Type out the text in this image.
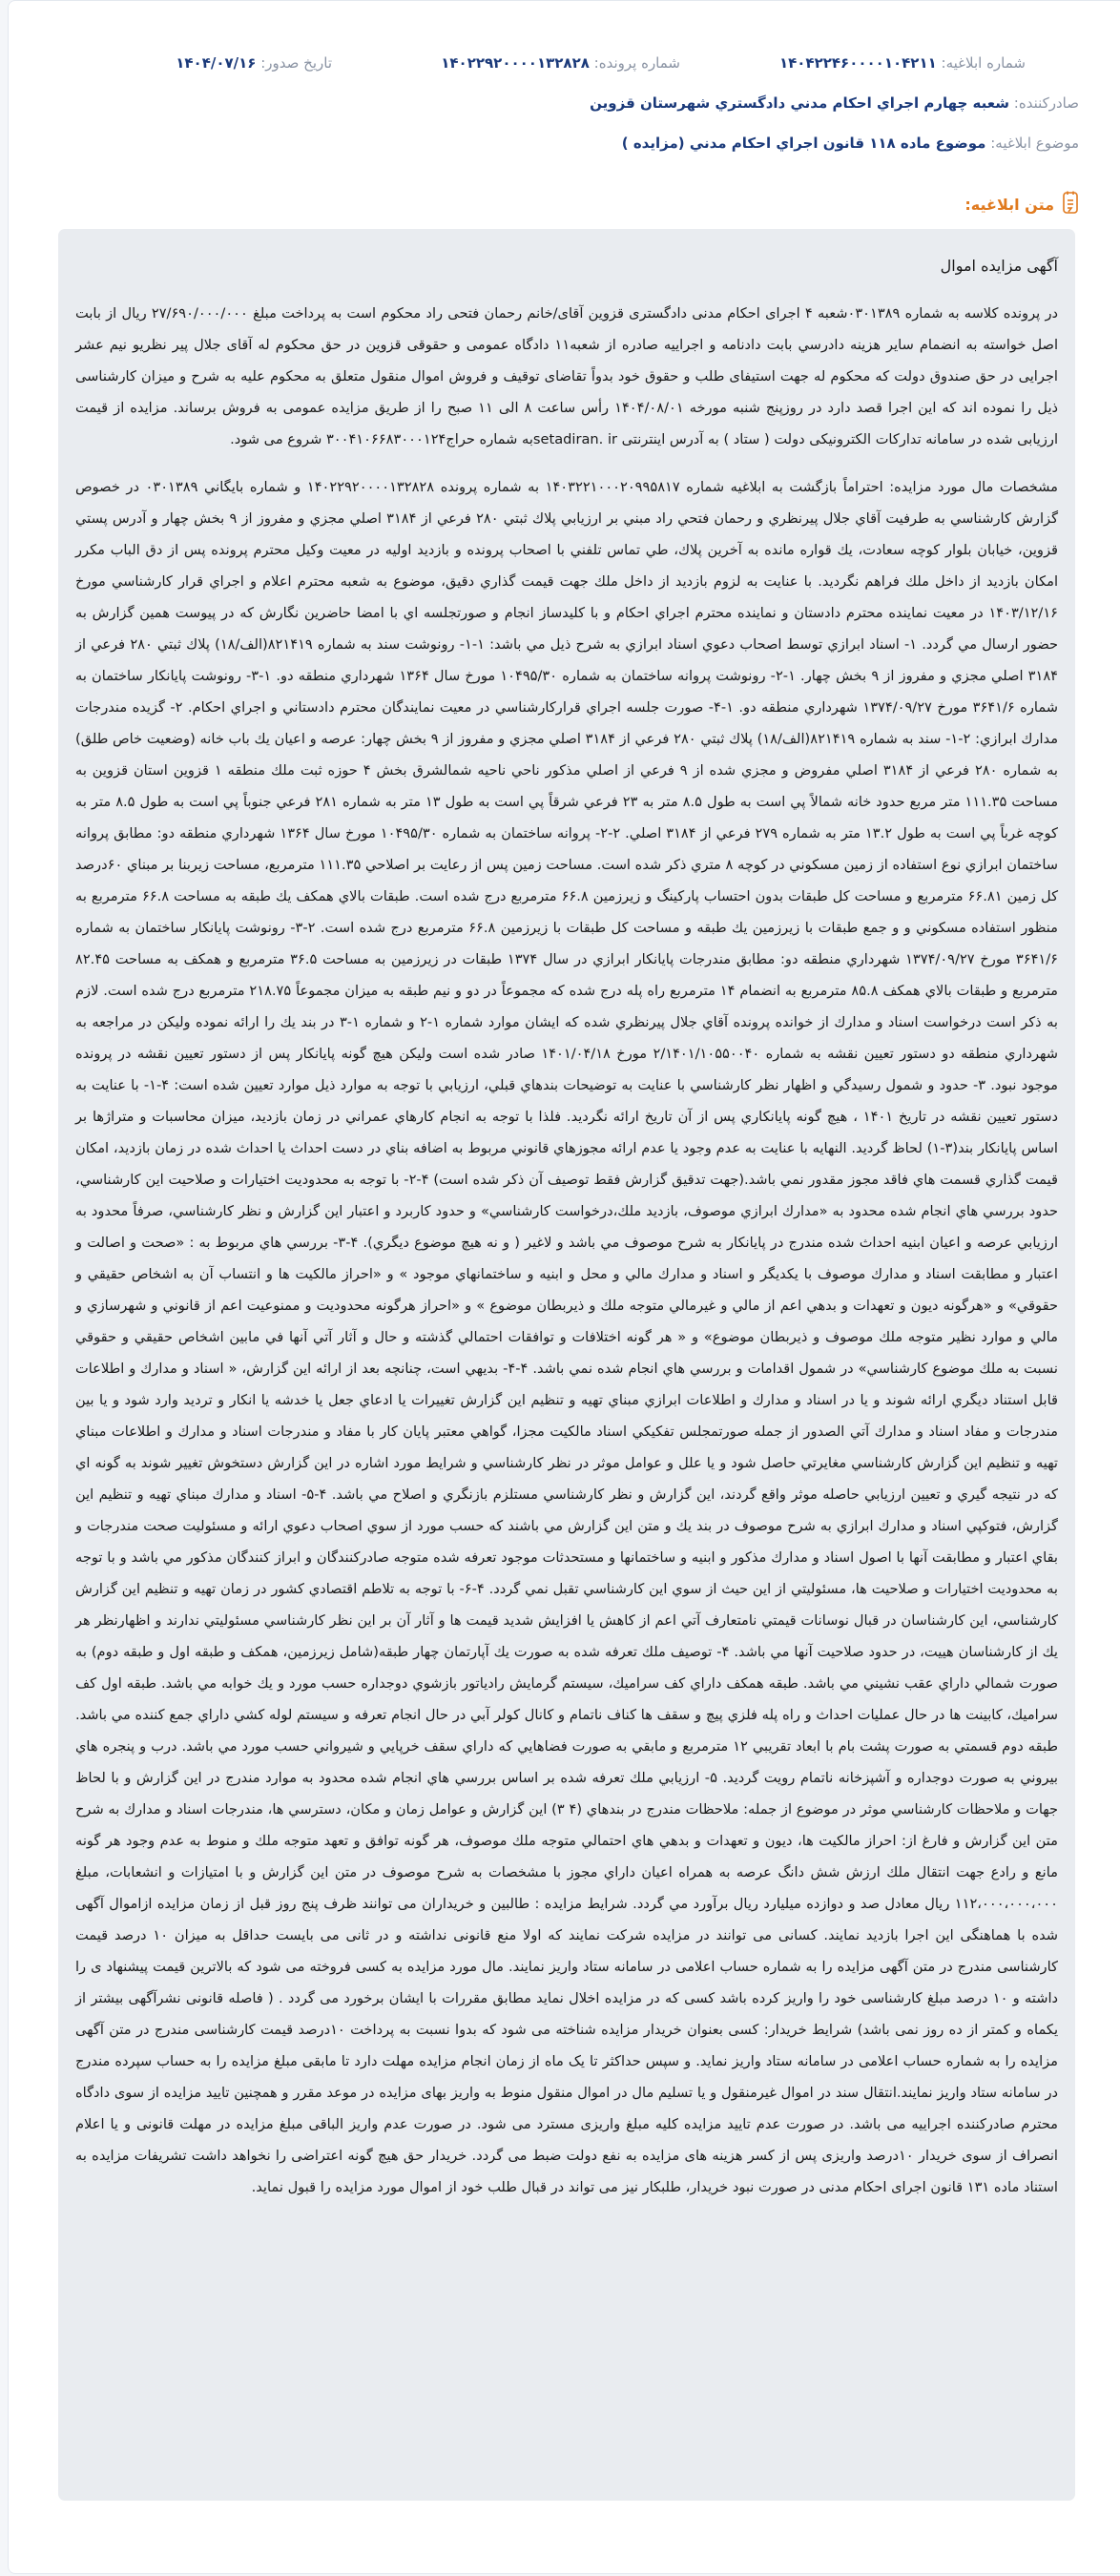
شماره ابلاغیه: ۱۴۰۴۲۲۴۶۰۰۰۰۱۰۴۲۱۱
شماره پرونده: ۱۴۰۲۲۹۲۰۰۰۰۱۳۲۸۲۸
تاریخ صدور: ۱۴۰۴/۰۷/۱۶
صادرکننده: شعبه چهارم اجراي احكام مدني دادگستري شهرستان قزوين
موضوع ابلاغیه: موضوع ماده ۱۱۸ قانون اجراي احكام مدني (مزايده )
متن ابلاغیه:

آگهی مزایده اموال

در پرونده کلاسه به شماره ۰۳۰۱۳۸۹شعبه ۴ اجرای احکام مدنی دادگستری قزوین آقای/خانم رحمان فتحی راد محکوم است به پرداخت مبلغ ۲۷/۶۹۰/۰۰۰/۰۰۰ ریال از بابت اصل خواسته به انضمام سایر هزینه دادرسي بابت دادنامه و اجراییه صادره از شعبه۱۱ دادگاه عمومی و حقوقی قزوین در حق محکوم له آقای جلال پیر نظریو نیم عشر اجرایی در حق صندوق دولت که محکوم له جهت استیفای طلب و حقوق خود بدواً تقاضای توقیف و فروش اموال منقول متعلق به محکوم علیه به شرح و میزان کارشناسی ذیل را نموده اند که این اجرا قصد دارد در روزپنج شنبه مورخه ۱۴۰۴/۰۸/۰۱ رأس ساعت ۸ الی ۱۱ صبح را از طریق مزایده عمومی به فروش برساند. مزایده از قیمت ارزیابی شده در سامانه تدارکات الکترونیکی دولت ( ستاد ) به آدرس اینترنتی setadiran. irبه شماره حراج۳۰۰۴۱۰۶۶۸۳۰۰۰۱۲۴ شروع می شود.

مشخصات مال مورد مزایده: احتراماً بازگشت به ابلاغيه شماره ۱۴۰۳۲۲۱۰۰۰۲۰۹۹۵۸۱۷ به شماره پرونده ۱۴۰۲۲۹۲۰۰۰۰۱۳۲۸۲۸ و شماره بايگاني ۰۳۰۱۳۸۹ در خصوص گزارش كارشناسي به طرفيت آقاي جلال پيرنظري و رحمان فتحي راد مبني بر ارزيابي پلاك ثبتي ۲۸۰ فرعي از ۳۱۸۴ اصلي مجزي و مفروز از ۹ بخش چهار و آدرس پستي قزوين، خيابان بلوار كوچه سعادت، يك قواره مانده به آخرين پلاك، طي تماس تلفني با اصحاب پرونده و بازديد اوليه در معيت وكيل محترم پرونده پس از دق الباب مكرر امكان بازديد از داخل ملك فراهم نگرديد. با عنايت به لزوم بازديد از داخل ملك جهت قيمت گذاري دقيق، موضوع به شعبه محترم اعلام و اجراي قرار كارشناسي مورخ ۱۴۰۳/۱۲/۱۶ در معيت نماينده محترم دادستان و نماينده محترم اجراي احكام و با كليدساز انجام و صورتجلسه اي با امضا حاضرين نگارش كه در پيوست همين گزارش به حضور ارسال مي گردد. ۱- اسناد ابرازي توسط اصحاب دعوي اسناد ابرازي به شرح ذيل مي باشد: ۱-۱- رونوشت سند به شماره ۸۲۱۴۱۹(الف/۱۸) پلاك ثبتي ۲۸۰ فرعي از ۳۱۸۴ اصلي مجزي و مفروز از ۹ بخش چهار. ۱-۲- رونوشت پروانه ساختمان به شماره ۱۰۴۹۵/۳۰ مورخ سال ۱۳۶۴ شهرداري منطقه دو. ۱-۳- رونوشت پايانكار ساختمان به شماره ۳۶۴۱/۶ مورخ ۱۳۷۴/۰۹/۲۷ شهرداري منطقه دو. ۱-۴- صورت جلسه اجراي قراركارشناسي در معيت نمايندگان محترم دادستاني و اجراي احكام. ۲- گزيده مندرجات مدارك ابرازي: ۲-۱- سند به شماره ۸۲۱۴۱۹(الف/۱۸) پلاك ثبتي ۲۸۰ فرعي از ۳۱۸۴ اصلي مجزي و مفروز از ۹ بخش چهار: عرصه و اعيان يك باب خانه (وضعيت خاص طلق) به شماره ۲۸۰ فرعي از ۳۱۸۴ اصلي مفروض و مجزي شده از ۹ فرعي از اصلي مذكور ناحي ناحيه شمالشرق بخش ۴ حوزه ثبت ملك منطقه ۱ قزوين استان قزوين به مساحت ۱۱۱.۳۵ متر مربع حدود خانه شمالاً پي است به طول ۸.۵ متر به ۲۳ فرعي شرقاً پي است به طول ۱۳ متر به شماره ۲۸۱ فرعي جنوباً پي است به طول ۸.۵ متر به كوچه غرباً پي است به طول ۱۳.۲ متر به شماره ۲۷۹ فرعي از ۳۱۸۴ اصلي. ۲-۲- پروانه ساختمان به شماره ۱۰۴۹۵/۳۰ مورخ سال ۱۳۶۴ شهرداري منطقه دو: مطابق پروانه ساختمان ابرازي نوع استفاده از زمين مسكوني در كوچه ۸ متري ذكر شده است. مساحت زمين پس از رعايت بر اصلاحي ۱۱۱.۳۵ مترمربع، مساحت زيربنا بر مبناي ۶۰درصد كل زمين ۶۶.۸۱ مترمربع و مساحت كل طبقات بدون احتساب پاركينگ و زيرزمين ۶۶.۸ مترمربع درج شده است. طبقات بالاي همكف يك طبقه به مساحت ۶۶.۸ مترمربع به منظور استفاده مسكوني و و جمع طبقات با زيرزمين يك طبقه و مساحت كل طبقات با زيرزمين ۶۶.۸ مترمربع درج شده است. ۲-۳- رونوشت پايانكار ساختمان به شماره ۳۶۴۱/۶ مورخ ۱۳۷۴/۰۹/۲۷ شهرداري منطقه دو: مطابق مندرجات پايانكار ابرازي در سال ۱۳۷۴ طبقات در زيرزمين به مساحت ۳۶.۵ مترمربع و همكف به مساحت ۸۲.۴۵ مترمربع و طبقات بالاي همكف ۸۵.۸ مترمربع به انضمام ۱۴ مترمربع راه پله درج شده كه مجموعاً در دو و نيم طبقه به ميزان مجموعاً ۲۱۸.۷۵ مترمربع درج شده است. لازم به ذكر است درخواست اسناد و مدارك از خوانده پرونده آقاي جلال پيرنظري شده كه ايشان موارد شماره ۱-۲ و شماره ۱-۳ در بند يك را ارائه نموده وليكن در مراجعه به شهرداري منطقه دو دستور تعيين نقشه به شماره ۲/۱۴۰۱/۱۰۵۵۰۰۴۰ مورخ ۱۴۰۱/۰۴/۱۸ صادر شده است وليكن هيچ گونه پايانكار پس از دستور تعيين نقشه در پرونده موجود نبود. ۳- حدود و شمول رسيدگي و اظهار نظر كارشناسي با عنايت به توضيحات بندهاي قبلي، ارزيابي با توجه به موارد ذيل موارد تعيين شده است: ۴-۱- با عنايت به دستور تعيين نقشه در تاريخ ۱۴۰۱ ، هيچ گونه پايانكاري پس از آن تاريخ ارائه نگرديد. فلذا با توجه به انجام كارهاي عمراني در زمان بازديد، ميزان محاسبات و متراژها بر اساس پايانكار بند(۳-۱) لحاظ گرديد. النهايه با عنايت به عدم وجود يا عدم ارائه مجوزهاي قانوني مربوط به اضافه بناي در دست احداث يا احداث شده در زمان بازديد، امكان قيمت گذاري قسمت هاي فاقد مجوز مقدور نمي باشد.(جهت تدقيق گزارش فقط توصيف آن ذكر شده است) ۴-۲- با توجه به محدوديت اختيارات و صلاحيت اين كارشناسي، حدود بررسي هاي انجام شده محدود به «مدارك ابرازي موصوف، بازديد ملك،درخواست كارشناسي» و حدود كاربرد و اعتبار اين گزارش و نظر كارشناسي، صرفاً محدود به ارزيابي عرصه و اعيان ابنيه احداث شده مندرج در پايانكار به شرح موصوف مي باشد و لاغير ( و نه هيچ موضوع ديگري). ۴-۳- بررسي هاي مربوط به : «صحت و اصالت و اعتبار و مطابقت اسناد و مدارك موصوف با يكديگر و اسناد و مدارك مالي و محل و ابنيه و ساختمانهاي موجود » و «احراز مالكيت ها و انتساب آن به اشخاص حقيقي و حقوقي» و «هرگونه ديون و تعهدات و بدهي اعم از مالي و غيرمالي متوجه ملك و ذيربطان موضوع » و «احراز هرگونه محدوديت و ممنوعيت اعم از قانوني و شهرسازي و مالي و موارد نظير متوجه ملك موصوف و ذيربطان موضوع» و « هر گونه اختلافات و توافقات احتمالي گذشته و حال و آثار آتي آنها في مابين اشخاص حقيقي و حقوقي نسبت به ملك موضوع كارشناسي» در شمول اقدامات و بررسي هاي انجام شده نمي باشد. ۴-۴- بديهي است، چنانچه بعد از ارائه اين گزارش، « اسناد و مدارك و اطلاعات قابل استناد ديگري ارائه شوند و يا در اسناد و مدارك و اطلاعات ابرازي مبناي تهيه و تنظيم اين گزارش تغييرات يا ادعاي جعل يا خدشه يا انكار و ترديد وارد شود و يا بين مندرجات و مفاد اسناد و مدارك آتي الصدور از جمله صورتمجلس تفكيكي اسناد مالكيت مجزا، گواهي معتبر پايان كار با مفاد و مندرجات اسناد و مدارك و اطلاعات مبناي تهيه و تنظيم اين گزارش كارشناسي مغايرتي حاصل شود و يا علل و عوامل موثر در نظر كارشناسي و شرايط مورد اشاره در اين گزارش دستخوش تغيير شوند به گونه اي كه در نتيجه گيري و تعيين ارزيابي حاصله موثر واقع گردند، اين گزارش و نظر كارشناسي مستلزم بازنگري و اصلاح مي باشد. ۴-۵- اسناد و مدارك مبناي تهيه و تنظيم اين گزارش، فتوكپي اسناد و مدارك ابرازي به شرح موصوف در بند يك و متن اين گزارش مي باشند كه حسب مورد از سوي اصحاب دعوي ارائه و مسئوليت صحت مندرجات و بقاي اعتبار و مطابقت آنها با اصول اسناد و مدارك مذكور و ابنيه و ساختمانها و مستحدثات موجود تعرفه شده متوجه صادركنندگان و ابراز كنندگان مذكور مي باشد و با توجه به محدوديت اختيارات و صلاحيت ها، مسئوليتي از اين حيث از سوي اين كارشناسي تقبل نمي گردد. ۴-۶- با توجه به تلاطم اقتصادي كشور در زمان تهيه و تنظيم اين گزارش كارشناسي، اين كارشناسان در قبال نوسانات قيمتي نامتعارف آتي اعم از كاهش يا افزايش شديد قيمت ها و آثار آن بر اين نظر كارشناسي مسئوليتي ندارند و اظهارنظر هر يك از كارشناسان هييت، در حدود صلاحيت آنها مي باشد. ۴- توصيف ملك تعرفه شده به صورت يك آپارتمان چهار طبقه(شامل زيرزمين، همكف و طبقه اول و طبقه دوم) به صورت شمالي داراي عقب نشيني مي باشد. طبقه همكف داراي كف سراميك، سيستم گرمايش رادياتور بازشوي دوجداره حسب مورد و يك خوابه مي باشد. طبقه اول كف سراميك، كابينت ها در حال عمليات احداث و راه پله فلزي پيچ و سقف ها كناف ناتمام و كانال كولر آبي در حال انجام تعرفه و سيستم لوله كشي داراي جمع كننده مي باشد. طبقه دوم قسمتي به صورت پشت بام با ابعاد تقريبي ۱۲ مترمربع و مابقي به صورت فضاهايي كه داراي سقف خرپايي و شيرواني حسب مورد مي باشد. درب و پنجره هاي بيروني به صورت دوجداره و آشپزخانه ناتمام رويت گرديد. ۵- ارزيابي ملك تعرفه شده بر اساس بررسي هاي انجام شده محدود به موارد مندرج در اين گزارش و با لحاظ جهات و ملاحظات كارشناسي موثر در موضوع از جمله: ملاحظات مندرج در بندهاي (۴ ۳) اين گزارش و عوامل زمان و مكان، دسترسي ها، مندرجات اسناد و مدارك به شرح متن اين گزارش و فارغ از: احراز مالكيت ها، ديون و تعهدات و بدهي هاي احتمالي متوجه ملك موصوف، هر گونه توافق و تعهد متوجه ملك و منوط به عدم وجود هر گونه مانع و رادع جهت انتقال ملك ارزش شش دانگ عرصه به همراه اعيان داراي مجوز با مشخصات به شرح موصوف در متن اين گزارش و با امتيازات و انشعابات، مبلغ ۱۱۲،۰۰۰،۰۰۰،۰۰۰ ريال معادل صد و دوازده ميليارد ريال برآورد مي گردد. شرایط مزایده : طالبین و خریداران می توانند ظرف پنج روز قبل از زمان مزایده ازاموال آگهی شده با هماهنگی این اجرا بازدید نمایند. کسانی می توانند در مزایده شرکت نمایند که اولا منع قانونی نداشته و در ثانی می بایست حداقل به میزان ۱۰ درصد قیمت کارشناسی مندرج در متن آگهی مزایده را به شماره حساب اعلامی در سامانه ستاد واریز نمایند. مال مورد مزایده به کسی فروخته می شود که بالاترین قیمت پیشنهاد ی را داشته و ۱۰ درصد مبلغ کارشناسی خود را واریز کرده باشد کسی که در مزایده اخلال نماید مطابق مقررات با ایشان برخورد می گردد . ( فاصله قانونی نشرآگهی بیشتر از یکماه و کمتر از ده روز نمی باشد) شرایط خریدار: کسی بعنوان خریدار مزایده شناخته می شود که بدوا نسبت به پرداخت ۱۰درصد قیمت کارشناسی مندرج در متن آگهی مزایده را به شماره حساب اعلامی در سامانه ستاد واریز نماید. و سپس حداکثر تا یک ماه از زمان انجام مزایده مهلت دارد تا مابقی مبلغ مزایده را به حساب سپرده مندرج در سامانه ستاد واریز نمایند.انتقال سند در اموال غیرمنقول و یا تسلیم مال در اموال منقول منوط به واریز بهای مزایده در موعد مقرر و همچنین تایید مزایده از سوی دادگاه محترم صادرکننده اجراییه می باشد. در صورت عدم تایید مزایده کلیه مبلغ واریزی مسترد می شود. در صورت عدم واریز الباقی مبلغ مزایده در مهلت قانونی و یا اعلام انصراف از سوی خریدار ۱۰درصد واریزی پس از کسر هزینه های مزایده به نفع دولت ضبط می گردد. خریدار حق هیچ گونه اعتراضی را نخواهد داشت تشریفات مزایده به استناد ماده ۱۳۱ قانون اجرای احکام مدنی در صورت نبود خریدار، طلبکار نیز می تواند در قبال طلب خود از اموال مورد مزایده را قبول نماید.
